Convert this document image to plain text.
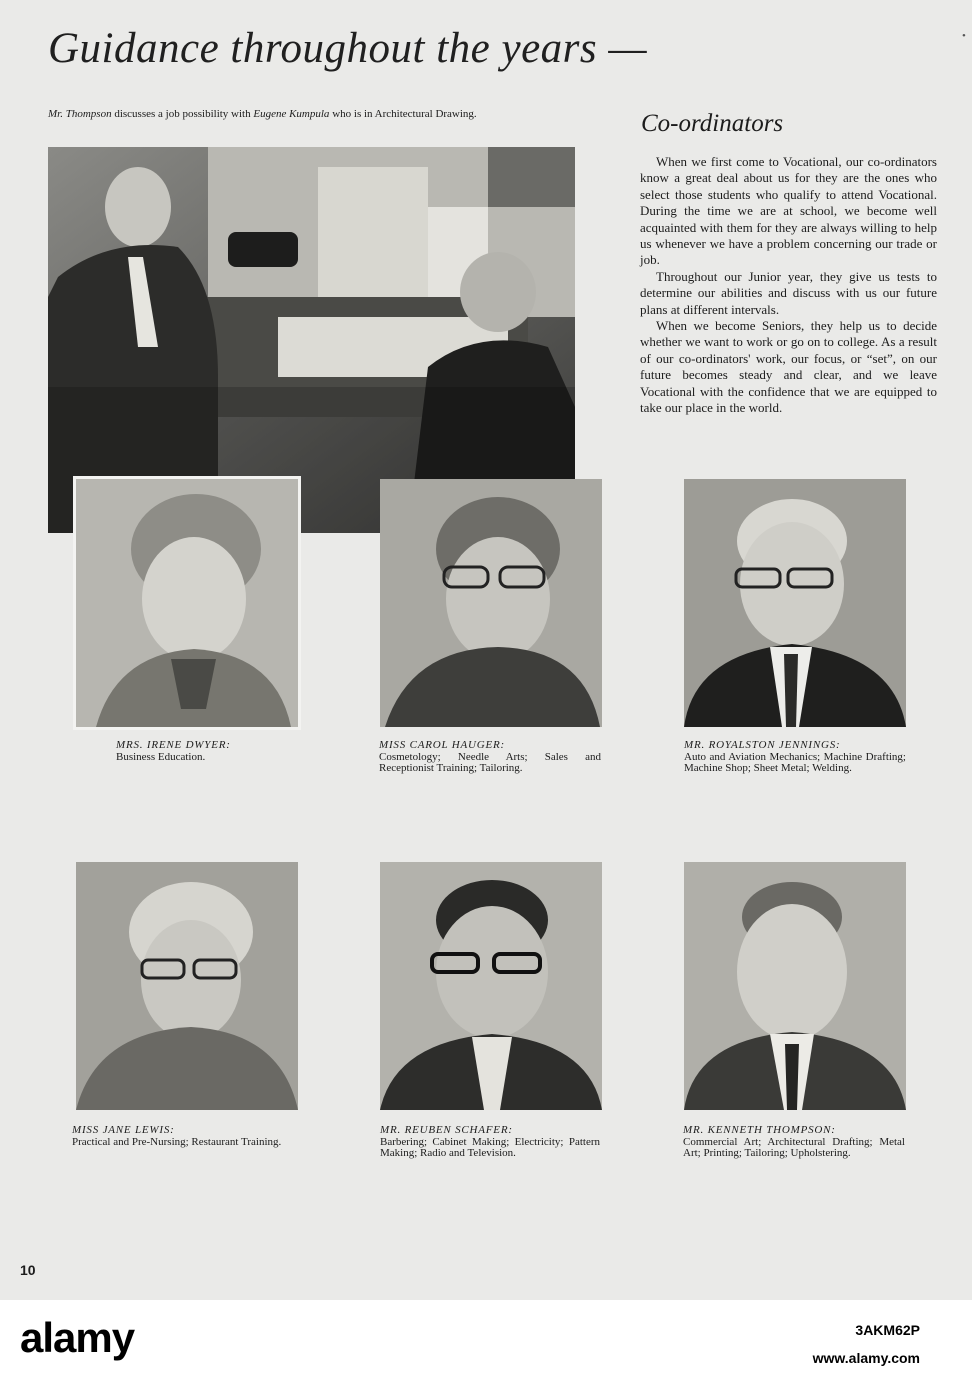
Guidance throughout the years —	•
Mr. Thompson discusses a job possibility with Eugene Kumpula who is in Architectural Drawing.	Co-ordinators

When we first come to Vocational, our co-ordinators know a great deal about us for they are the ones who select those students who qualify to attend Vocational. During the time we are at school, we become well acquainted with them for they are always willing to help us whenever we have a problem concerning our trade or job.

Throughout our Junior year, they give us tests to determine our abilities and discuss with us our future plans at different intervals.

When we become Seniors, they help us to decide whether we want to work or go on to college. As a result of our co-ordinators' work, our focus, or “set”, on our future becomes steady and clear, and we leave Vocational with the confidence that we are equipped to take our place in the world.

MRS. IRENE DWYER:
Business Education.
MISS CAROL HAUGER:
Cosmetology; Needle Arts; Sales and Receptionist Training; Tailoring.
MR. ROYALSTON JENNINGS:
Auto and Aviation Mechanics; Machine Drafting; Machine Shop; Sheet Metal; Welding.
MISS JANE LEWIS:
Practical and Pre-Nursing; Restaurant Training.
MR. REUBEN SCHAFER:
Barbering; Cabinet Making; Electricity; Pattern Making; Radio and Television.
MR. KENNETH THOMPSON:
Commercial Art; Architectural Drafting; Metal Art; Printing; Tailoring; Upholstering.
10
alamy	3AKM62P
www.alamy.com
